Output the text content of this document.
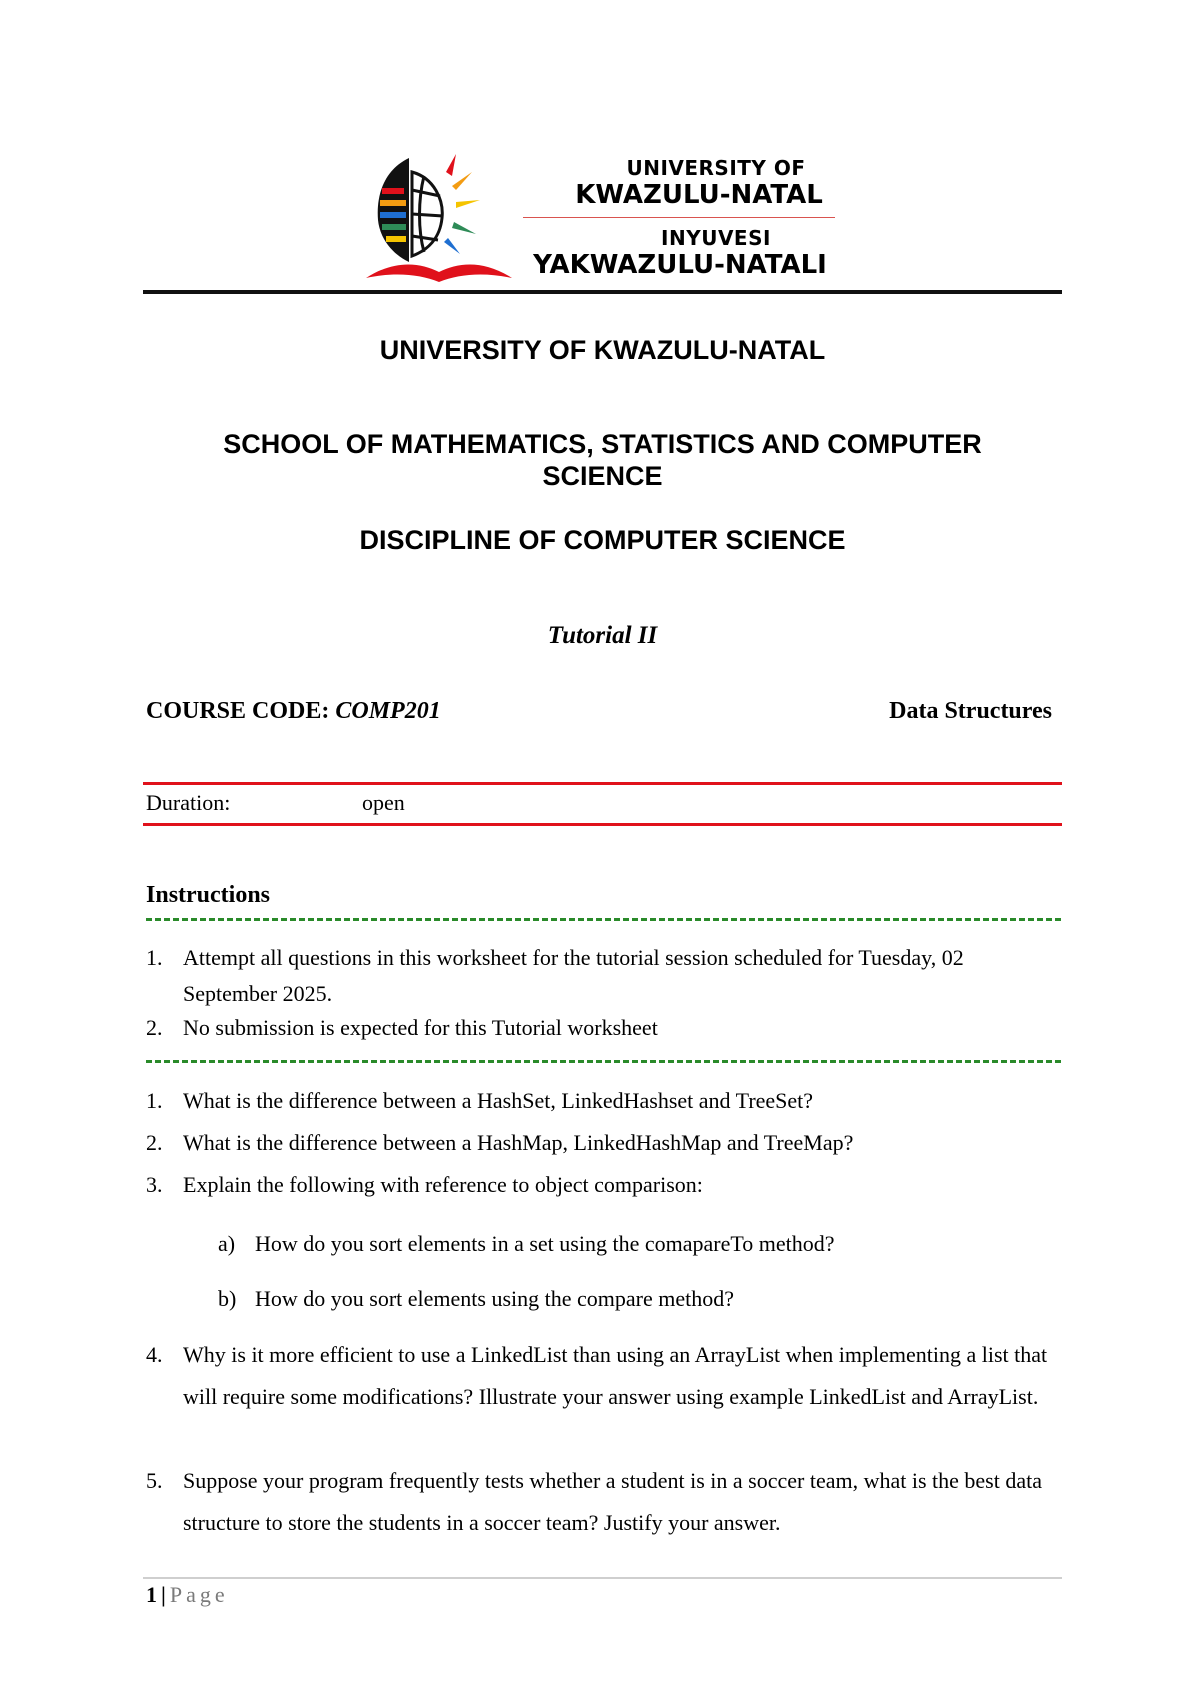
UNIVERSITY OF
KWAZULU-NATAL
INYUVESI
YAKWAZULU-NATALI
UNIVERSITY OF KWAZULU-NATAL
SCHOOL OF MATHEMATICS, STATISTICS AND COMPUTER SCIENCE
DISCIPLINE OF COMPUTER SCIENCE
Tutorial II
COURSE CODE: COMP201	Data Structures
Duration:	open
Instructions
1. Attempt all questions in this worksheet for the tutorial session scheduled for Tuesday, 02 September 2025.
2. No submission is expected for this Tutorial worksheet
1. What is the difference between a HashSet, LinkedHashset and TreeSet?
2. What is the difference between a HashMap, LinkedHashMap and TreeMap?
3. Explain the following with reference to object comparison:
a) How do you sort elements in a set using the comapareTo method?
b) How do you sort elements using the compare method?
4. Why is it more efficient to use a LinkedList than using an ArrayList when implementing a list that will require some modifications? Illustrate your answer using example LinkedList and ArrayList.
5. Suppose your program frequently tests whether a student is in a soccer team, what is the best data structure to store the students in a soccer team? Justify your answer.
1 | Page
